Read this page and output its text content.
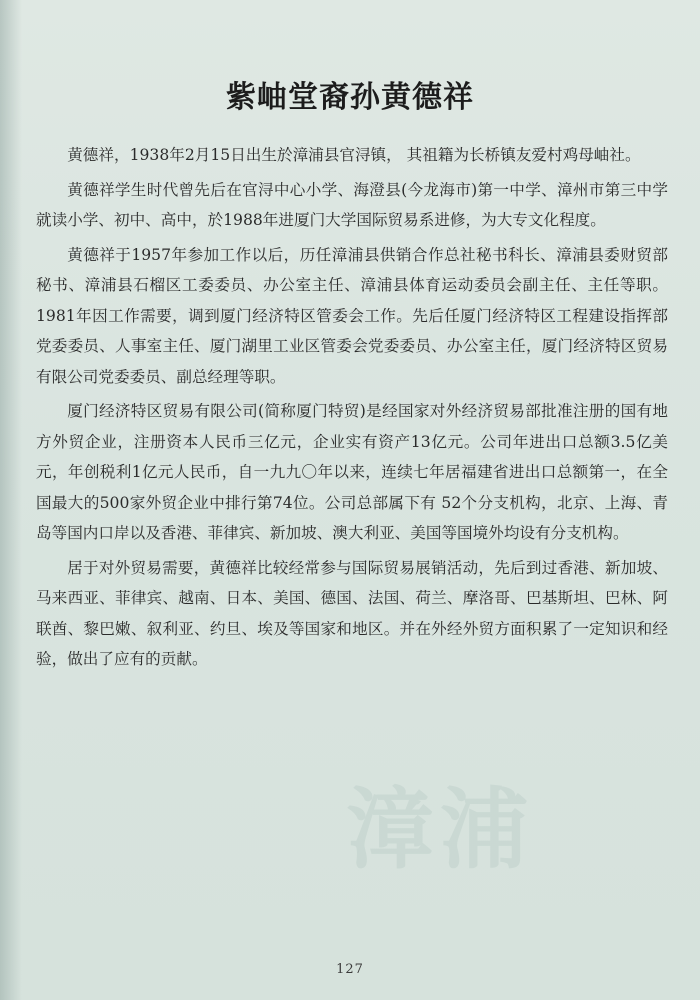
紫岫堂裔孙黄德祥

黄德祥，1938年2月15日出生於漳浦县官浔镇， 其祖籍为长桥镇友爱村鸡母岫社。

黄德祥学生时代曾先后在官浔中心小学、海澄县(今龙海市)第一中学、漳州市第三中学就读小学、初中、高中，於1988年进厦门大学国际贸易系进修，为大专文化程度。

黄德祥于1957年参加工作以后，历任漳浦县供销合作总社秘书科长、漳浦县委财贸部秘书、漳浦县石榴区工委委员、办公室主任、漳浦县体育运动委员会副主任、主任等职。1981年因工作需要，调到厦门经济特区管委会工作。先后任厦门经济特区工程建设指挥部党委委员、人事室主任、厦门湖里工业区管委会党委委员、办公室主任，厦门经济特区贸易有限公司党委委员、副总经理等职。

厦门经济特区贸易有限公司(简称厦门特贸)是经国家对外经济贸易部批准注册的国有地方外贸企业，注册资本人民币三亿元，企业实有资产13亿元。公司年进出口总额3.5亿美元，年创税利1亿元人民币，自一九九〇年以来，连续七年居福建省进出口总额第一，在全国最大的500家外贸企业中排行第74位。公司总部属下有 52个分支机构，北京、上海、青岛等国内口岸以及香港、菲律宾、新加坡、澳大利亚、美国等国境外均设有分支机构。

居于对外贸易需要，黄德祥比较经常参与国际贸易展销活动，先后到过香港、新加坡、马来西亚、菲律宾、越南、日本、美国、德国、法国、荷兰、摩洛哥、巴基斯坦、巴林、阿联酋、黎巴嫩、叙利亚、约旦、埃及等国家和地区。并在外经外贸方面积累了一定知识和经验，做出了应有的贡献。

漳浦
127
